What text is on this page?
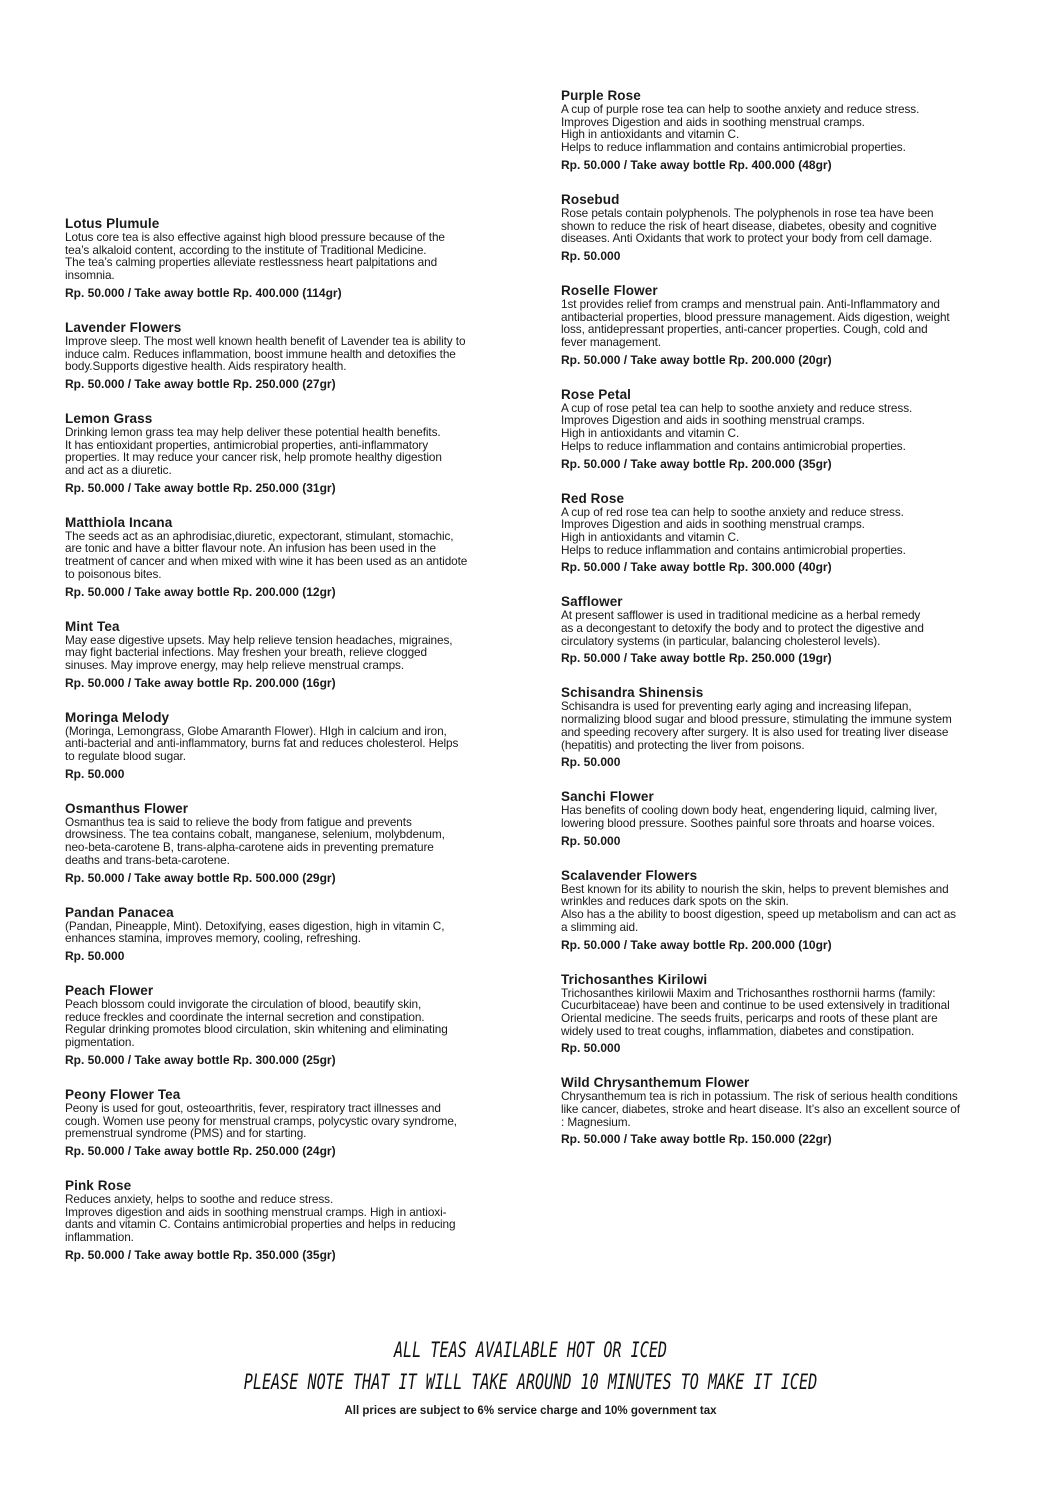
Lotus Plumule
Lotus core tea is also effective against high blood pressure because of the
tea’s alkaloid content, according to the institute of Traditional Medicine.
The tea’s calming properties alleviate restlessness heart palpitations and
insomnia.
Rp. 50.000 / Take away bottle Rp. 400.000 (114gr)
Lavender Flowers
Improve sleep. The most well known health benefit of Lavender tea is ability to
induce calm. Reduces inflammation, boost immune health and detoxifies the
body.Supports digestive health. Aids respiratory health.
Rp. 50.000 / Take away bottle Rp. 250.000 (27gr)
Lemon Grass
Drinking lemon grass tea may help deliver these potential health benefits.
It has entioxidant properties, antimicrobial properties, anti-inflammatory
properties. It may reduce your cancer risk, help promote healthy digestion
and act as a diuretic.
Rp. 50.000 / Take away bottle Rp. 250.000 (31gr)
Matthiola Incana
The seeds act as an aphrodisiac,diuretic, expectorant, stimulant, stomachic,
are tonic and have a bitter flavour note. An infusion has been used in the
treatment of cancer and when mixed with wine it has been used as an antidote
to poisonous bites.
Rp. 50.000 / Take away bottle Rp. 200.000 (12gr)
Mint Tea
May ease digestive upsets. May help relieve tension headaches, migraines,
may fight bacterial infections. May freshen your breath, relieve clogged
sinuses. May improve energy, may help relieve menstrual cramps.
Rp. 50.000 / Take away bottle Rp. 200.000 (16gr)
Moringa Melody
(Moringa, Lemongrass, Globe Amaranth Flower). HIgh in calcium and iron,
anti-bacterial and anti-inflammatory, burns fat and reduces cholesterol. Helps
to regulate blood sugar.
Rp. 50.000
Osmanthus Flower
Osmanthus tea is said to relieve the body from fatigue and prevents
drowsiness. The tea contains cobalt, manganese, selenium, molybdenum,
neo-beta-carotene B, trans-alpha-carotene aids in preventing premature
deaths and trans-beta-carotene.
Rp. 50.000 / Take away bottle Rp. 500.000 (29gr)
Pandan Panacea
(Pandan, Pineapple, Mint). Detoxifying, eases digestion, high in vitamin C,
enhances stamina, improves memory, cooling, refreshing.
Rp. 50.000
Peach Flower
Peach blossom could invigorate the circulation of blood, beautify skin,
reduce freckles and coordinate the internal secretion and constipation.
Regular drinking promotes blood circulation, skin whitening and eliminating
pigmentation.
Rp. 50.000 / Take away bottle Rp. 300.000 (25gr)
Peony Flower Tea
Peony is used for gout, osteoarthritis, fever, respiratory tract illnesses and
cough. Women use peony for menstrual cramps, polycystic ovary syndrome,
premenstrual syndrome (PMS) and for starting.
Rp. 50.000 / Take away bottle Rp. 250.000 (24gr)
Pink Rose
Reduces anxiety, helps to soothe and reduce stress.
Improves digestion and aids in soothing menstrual cramps. High in antioxi-
dants and vitamin C. Contains antimicrobial properties and helps in reducing
inflammation.
Rp. 50.000 / Take away bottle Rp. 350.000 (35gr)
Purple Rose
A cup of purple rose tea can help to soothe anxiety and reduce stress.
Improves Digestion and aids in soothing menstrual cramps.
High in antioxidants and vitamin C.
Helps to reduce inflammation and contains antimicrobial properties.
Rp. 50.000 / Take away bottle Rp. 400.000 (48gr)
Rosebud
Rose petals contain polyphenols. The polyphenols in rose tea have been
shown to reduce the risk of heart disease, diabetes, obesity and cognitive
diseases. Anti Oxidants that work to protect your body from cell damage.
Rp. 50.000
Roselle Flower
1st provides relief from cramps and menstrual pain. Anti-Inflammatory and
antibacterial properties, blood pressure management. Aids digestion, weight
loss, antidepressant properties, anti-cancer properties. Cough, cold and
fever management.
Rp. 50.000 / Take away bottle Rp. 200.000 (20gr)
Rose Petal
A cup of rose petal tea can help to soothe anxiety and reduce stress.
Improves Digestion and aids in soothing menstrual cramps.
High in antioxidants and vitamin C.
Helps to reduce inflammation and contains antimicrobial properties.
Rp. 50.000 / Take away bottle Rp. 200.000 (35gr)
Red Rose
A cup of red rose tea can help to soothe anxiety and reduce stress.
Improves Digestion and aids in soothing menstrual cramps.
High in antioxidants and vitamin C.
Helps to reduce inflammation and contains antimicrobial properties.
Rp. 50.000 / Take away bottle Rp. 300.000 (40gr)
Safflower
At present safflower is used in traditional medicine as a herbal remedy
as a decongestant to detoxify the body and to protect the digestive and
circulatory systems (in particular, balancing cholesterol levels).
Rp. 50.000 / Take away bottle Rp. 250.000 (19gr)
Schisandra Shinensis
Schisandra is used for preventing early aging and increasing lifepan,
normalizing blood sugar and blood pressure, stimulating the immune system
and speeding recovery after surgery. It is also used for treating liver disease
(hepatitis) and protecting the liver from poisons.
Rp. 50.000
Sanchi Flower
Has benefits of cooling down body heat, engendering liquid, calming liver,
lowering blood pressure. Soothes painful sore throats and hoarse voices.
Rp. 50.000
Scalavender Flowers
Best known for its ability to nourish the skin, helps to prevent blemishes and
wrinkles and reduces dark spots on the skin.
Also has a the ability to boost digestion, speed up metabolism and can act as
a slimming aid.
Rp. 50.000 / Take away bottle Rp. 200.000 (10gr)
Trichosanthes Kirilowi
Trichosanthes kirilowii Maxim and Trichosanthes rosthornii harms (family:
Cucurbitaceae) have been and continue to be used extensively in traditional
Oriental medicine. The seeds fruits, pericarps and roots of these plant are
widely used to treat coughs, inflammation, diabetes and constipation.
Rp. 50.000
Wild Chrysanthemum Flower
Chrysanthemum tea is rich in potassium. The risk of serious health conditions
like cancer, diabetes, stroke and heart disease. It’s also an excellent source of
: Magnesium.
Rp. 50.000 / Take away bottle Rp. 150.000 (22gr)
ALL TEAS AVAILABLE HOT OR ICED
PLEASE NOTE THAT IT WILL TAKE AROUND 10 MINUTES TO MAKE IT ICED
All prices are subject to 6% service charge and 10% government tax
